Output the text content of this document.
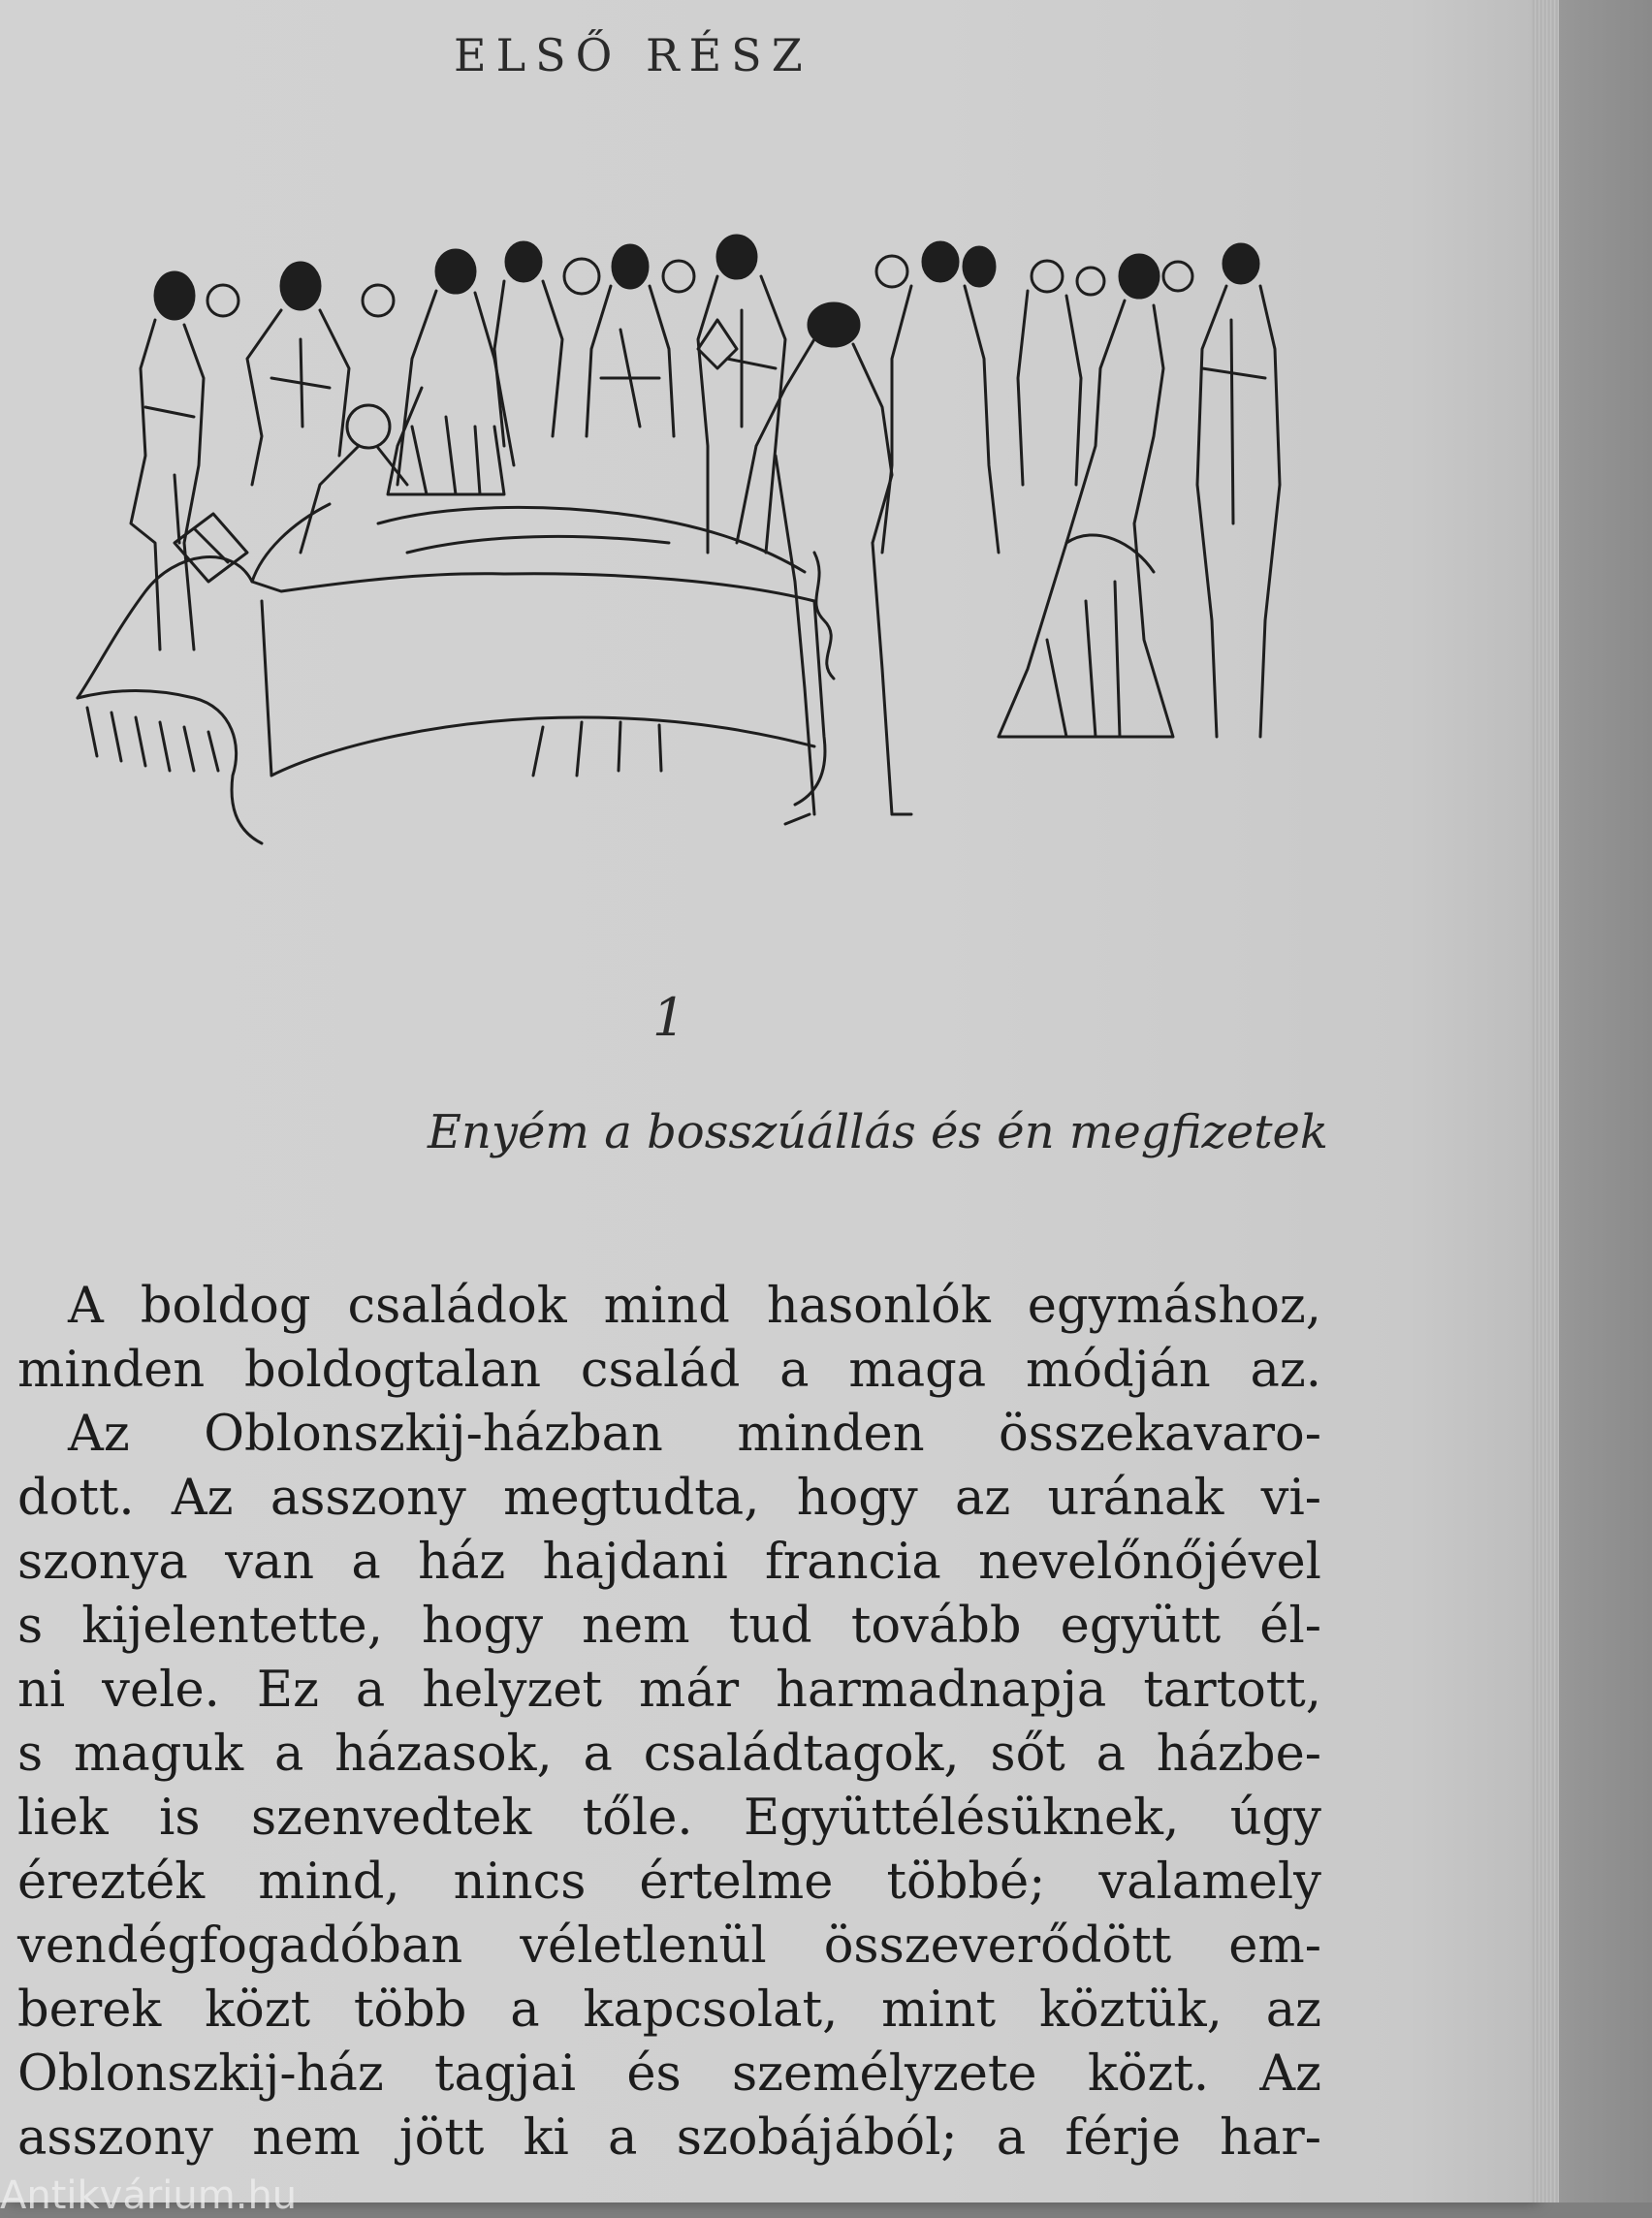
ELSŐ RÉSZ
1
Enyém a bosszúállás és én megfizetek
A boldog családok mind hasonlók egymáshoz,
minden boldogtalan család a maga módján az.
Az Oblonszkij-házban minden összekavaro-
dott. Az asszony megtudta, hogy az urának vi-
szonya van a ház hajdani francia nevelőnőjével
s kijelentette, hogy nem tud tovább együtt él-
ni vele. Ez a helyzet már harmadnapja tartott,
s maguk a házasok, a családtagok, sőt a házbe-
liek is szenvedtek tőle. Együttélésüknek, úgy
érezték mind, nincs értelme többé; valamely
vendégfogadóban véletlenül összeverődött em-
berek közt több a kapcsolat, mint köztük, az
Oblonszkij-ház tagjai és személyzete közt. Az
asszony nem jött ki a szobájából; a férje har-
Antikvárium.hu
